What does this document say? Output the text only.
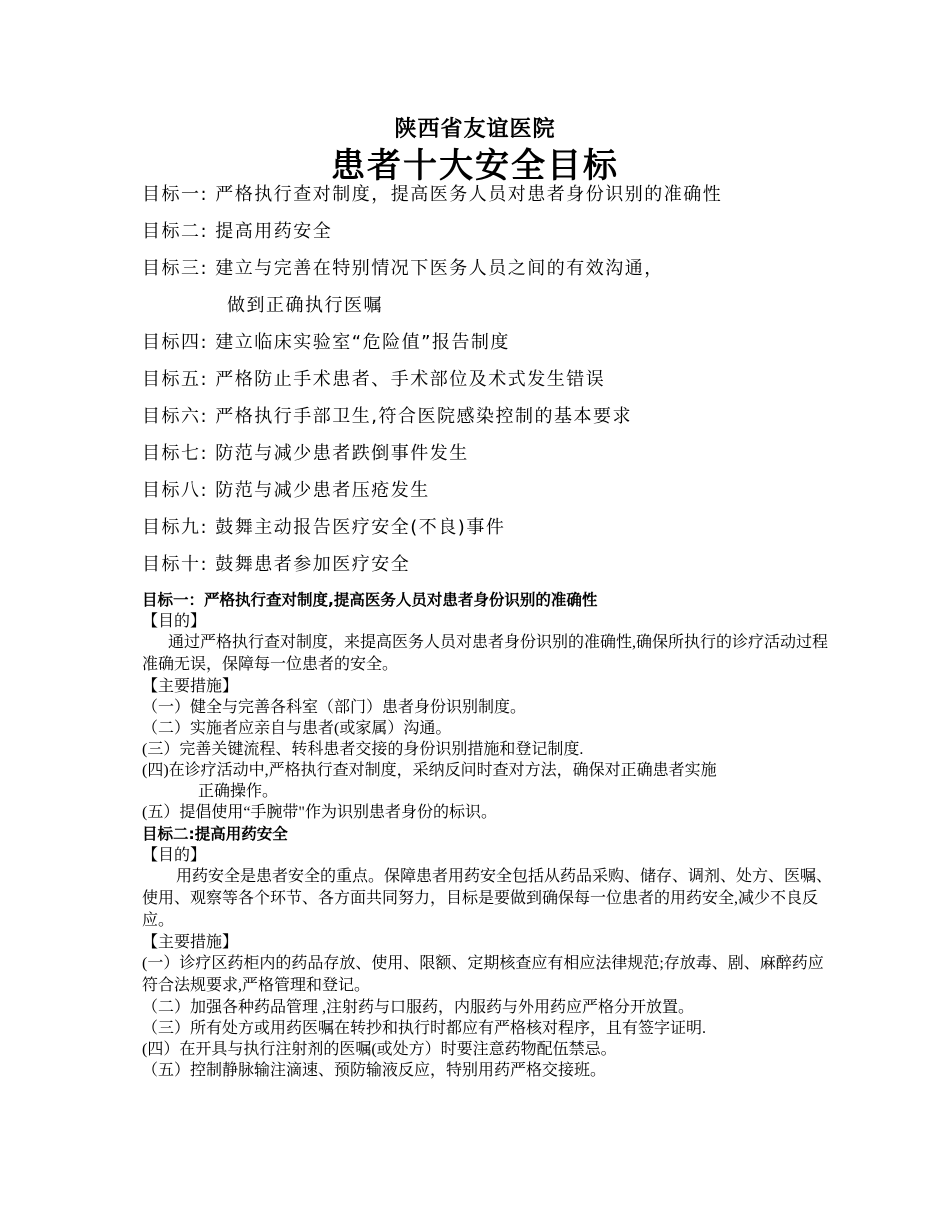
陕西省友谊医院
患者十大安全目标
目标一: 严格执行查对制度，提高医务人员对患者身份识别的准确性
目标二: 提高用药安全
目标三: 建立与完善在特别情况下医务人员之间的有效沟通，
做到正确执行医嘱
目标四: 建立临床实验室“危险值”报告制度
目标五: 严格防止手术患者、手术部位及术式发生错误
目标六: 严格执行手部卫生,符合医院感染控制的基本要求
目标七: 防范与减少患者跌倒事件发生
目标八: 防范与减少患者压疮发生
目标九: 鼓舞主动报告医疗安全(不良)事件
目标十: 鼓舞患者参加医疗安全
目标一：严格执行查对制度,提高医务人员对患者身份识别的准确性
【目的】
通过严格执行查对制度，来提高医务人员对患者身份识别的准确性,确保所执行的诊疗活动过程准确无误，保障每一位患者的安全。
【主要措施】
（一）健全与完善各科室（部门）患者身份识别制度。
（二）实施者应亲自与患者(或家属）沟通。
(三）完善关键流程、转科患者交接的身份识别措施和登记制度.
(四)在诊疗活动中,严格执行查对制度，采纳反问时查对方法，确保对正确患者实施
正确操作。
(五）提倡使用“手腕带"作为识别患者身份的标识。
目标二:提高用药安全
【目的】
用药安全是患者安全的重点。保障患者用药安全包括从药品采购、储存、调剂、处方、医嘱、使用、观察等各个环节、各方面共同努力，目标是要做到确保每一位患者的用药安全,减少不良反应。
【主要措施】
(一）诊疗区药柜内的药品存放、使用、限额、定期核查应有相应法律规范;存放毒、剧、麻醉药应符合法规要求,严格管理和登记。
（二）加强各种药品管理 ,注射药与口服药，内服药与外用药应严格分开放置。
（三）所有处方或用药医嘱在转抄和执行时都应有严格核对程序，且有签字证明.
(四）在开具与执行注射剂的医嘱(或处方）时要注意药物配伍禁忌。
（五）控制静脉输注滴速、预防输液反应，特别用药严格交接班。
